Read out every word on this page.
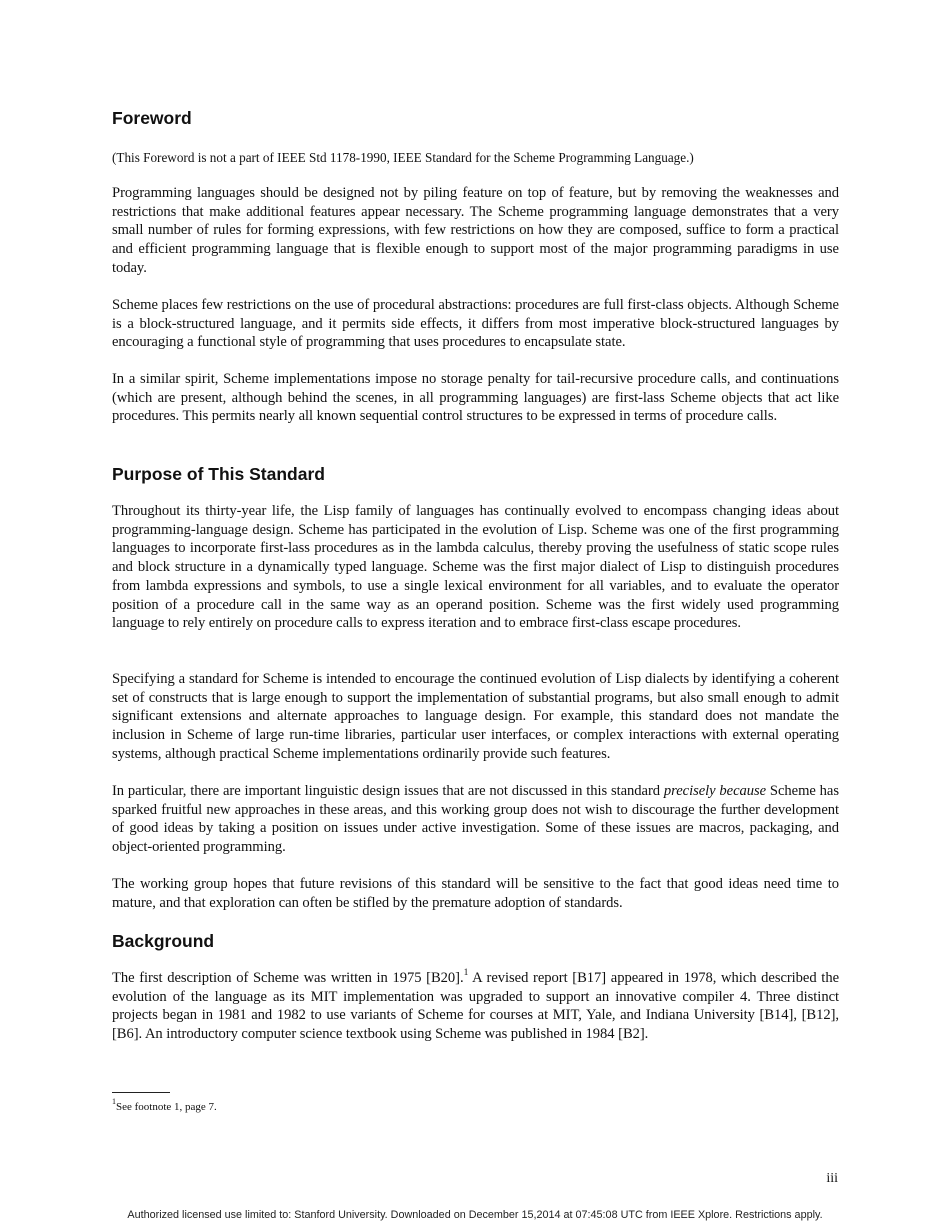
Foreword
(This Foreword is not a part of IEEE Std 1178-1990, IEEE Standard for the Scheme Programming Language.)

Programming languages should be designed not by piling feature on top of feature, but by removing the weaknesses and restrictions that make additional features appear necessary. The Scheme programming language demonstrates that a very small number of rules for forming expressions, with few restrictions on how they are composed, suffice to form a practical and efficient programming language that is flexible enough to support most of the major programming paradigms in use today.

Scheme places few restrictions on the use of procedural abstractions: procedures are full first-class objects. Although Scheme is a block-structured language, and it permits side effects, it differs from most imperative block-structured languages by encouraging a functional style of programming that uses procedures to encapsulate state.

In a similar spirit, Scheme implementations impose no storage penalty for tail-recursive procedure calls, and continuations (which are present, although behind the scenes, in all programming languages) are first-lass Scheme objects that act like procedures. This permits nearly all known sequential control structures to be expressed in terms of procedure calls.

Purpose of This Standard

Throughout its thirty-year life, the Lisp family of languages has continually evolved to encompass changing ideas about programming-language design. Scheme has participated in the evolution of Lisp. Scheme was one of the first programming languages to incorporate first-lass procedures as in the lambda calculus, thereby proving the usefulness of static scope rules and block structure in a dynamically typed language. Scheme was the first major dialect of Lisp to distinguish procedures from lambda expressions and symbols, to use a single lexical environment for all variables, and to evaluate the operator position of a procedure call in the same way as an operand position. Scheme was the first widely used programming language to rely entirely on procedure calls to express iteration and to embrace first-class escape procedures.

Specifying a standard for Scheme is intended to encourage the continued evolution of Lisp dialects by identifying a coherent set of constructs that is large enough to support the implementation of substantial programs, but also small enough to admit significant extensions and alternate approaches to language design. For example, this standard does not mandate the inclusion in Scheme of large run-time libraries, particular user interfaces, or complex interactions with external operating systems, although practical Scheme implementations ordinarily provide such features.

In particular, there are important linguistic design issues that are not discussed in this standard precisely because Scheme has sparked fruitful new approaches in these areas, and this working group does not wish to discourage the further development of good ideas by taking a position on issues under active investigation. Some of these issues are macros, packaging, and object-oriented programming.

The working group hopes that future revisions of this standard will be sensitive to the fact that good ideas need time to mature, and that exploration can often be stifled by the premature adoption of standards.

Background

The first description of Scheme was written in 1975 [B20].$^1$ A revised report [B17] appeared in 1978, which described the evolution of the language as its MIT implementation was upgraded to support an innovative compiler 4. Three distinct projects began in 1981 and 1982 to use variants of Scheme for courses at MIT, Yale, and Indiana University [B14], [B12], [B6]. An introductory computer science textbook using Scheme was published in 1984 [B2].

$^1$See footnote 1, page 7.
iii
Authorized licensed use limited to: Stanford University. Downloaded on December 15,2014 at 07:45:08 UTC from IEEE Xplore. Restrictions apply.
